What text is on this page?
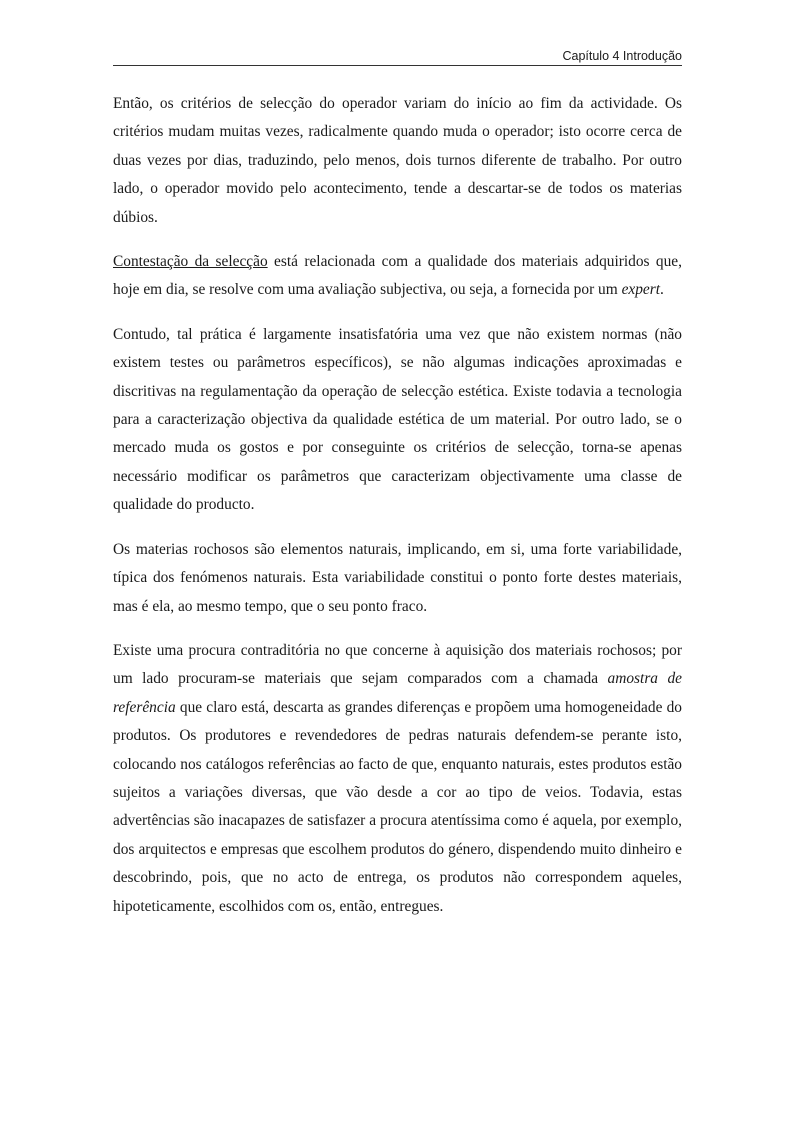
Capítulo 4 Introdução

Então, os critérios de selecção do operador variam do início ao fim da actividade. Os critérios mudam muitas vezes, radicalmente quando muda o operador; isto ocorre cerca de duas vezes por dias, traduzindo, pelo menos, dois turnos diferente de trabalho. Por outro lado, o operador movido pelo acontecimento, tende a descartar-se de todos os materias dúbios.

Contestação da selecção está relacionada com a qualidade dos materiais adquiridos que, hoje em dia, se resolve com uma avaliação subjectiva, ou seja, a fornecida por um expert.

Contudo, tal prática é largamente insatisfatória uma vez que não existem normas (não existem testes ou parâmetros específicos), se não algumas indicações aproximadas e discritivas na regulamentação da operação de selecção estética. Existe todavia a tecnologia para a caracterização objectiva da qualidade estética de um material. Por outro lado, se o mercado muda os gostos e por conseguinte os critérios de selecção, torna-se apenas necessário modificar os parâmetros que caracterizam objectivamente uma classe de qualidade do producto.

Os materias rochosos são elementos naturais, implicando, em si, uma forte variabilidade, típica dos fenómenos naturais. Esta variabilidade constitui o ponto forte destes materiais, mas é ela, ao mesmo tempo, que o seu ponto fraco.

Existe uma procura contraditória no que concerne à aquisição dos materiais rochosos; por um lado procuram-se materiais que sejam comparados com a chamada amostra de referência que claro está, descarta as grandes diferenças e propõem uma homogeneidade do produtos. Os produtores e revendedores de pedras naturais defendem-se perante isto, colocando nos catálogos referências ao facto de que, enquanto naturais, estes produtos estão sujeitos a variações diversas, que vão desde a cor ao tipo de veios. Todavia, estas advertências são inacapazes de satisfazer a procura atentíssima como é aquela, por exemplo, dos arquitectos e empresas que escolhem produtos do género, dispendendo muito dinheiro e descobrindo, pois, que no acto de entrega, os produtos não correspondem aqueles, hipoteticamente, escolhidos com os, então, entregues.
